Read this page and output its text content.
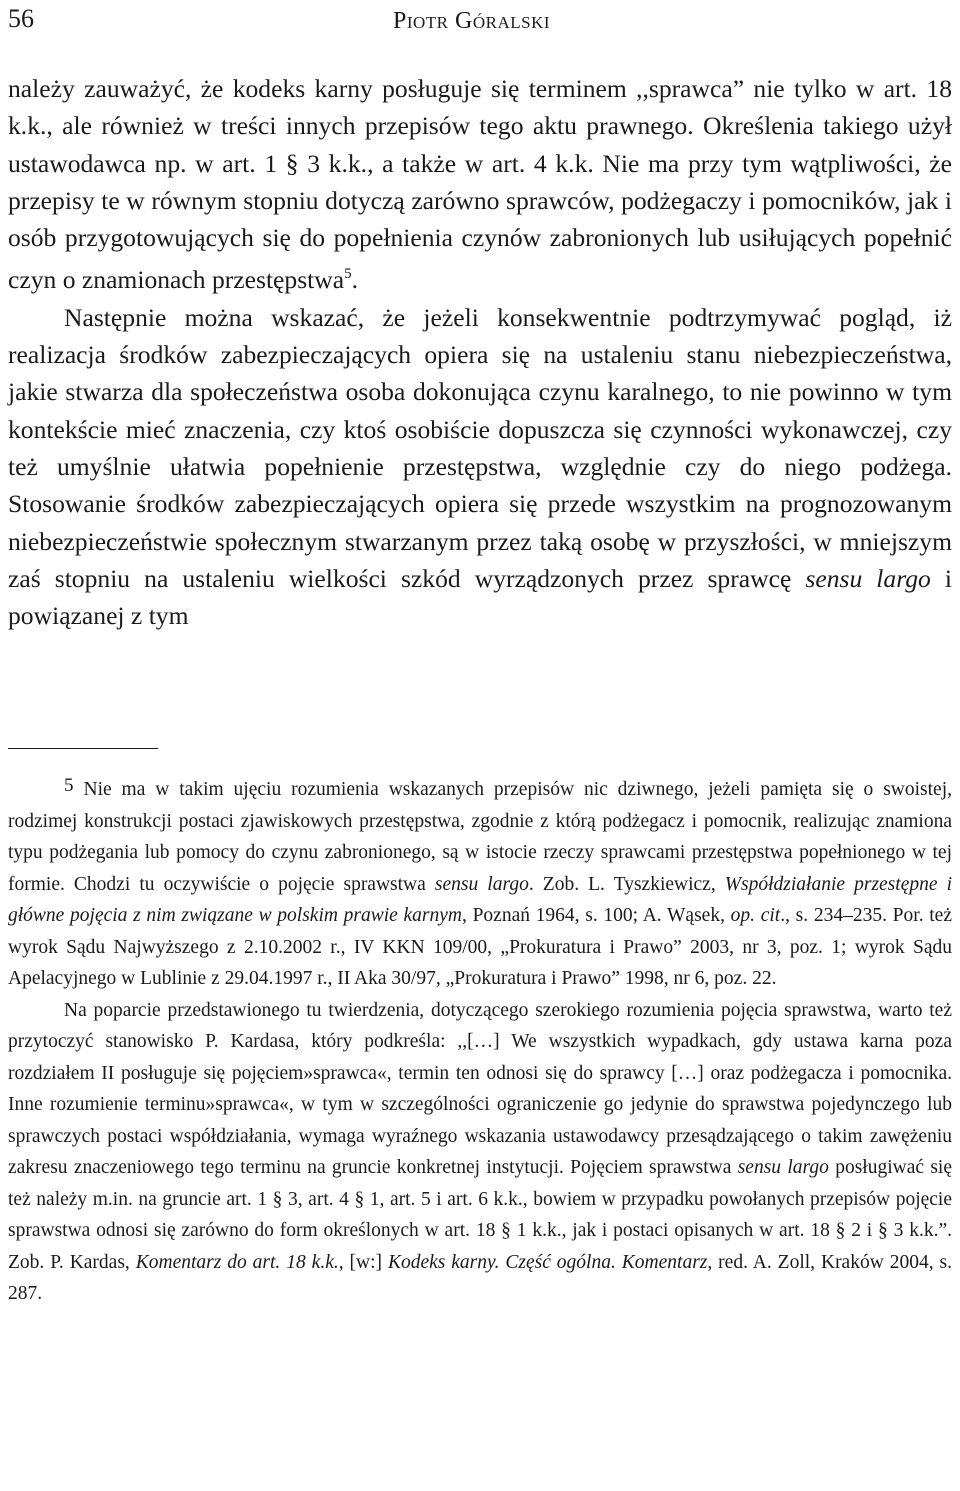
56	Piotr Góralski

należy zauważyć, że kodeks karny posługuje się terminem ,,sprawca” nie tylko w art. 18 k.k., ale również w treści innych przepisów tego aktu prawnego. Określenia takiego użył ustawodawca np. w art. 1 § 3 k.k., a także w art. 4 k.k. Nie ma przy tym wątpliwości, że przepisy te w równym stopniu dotyczą zarówno sprawców, podżegaczy i pomocników, jak i osób przygotowujących się do popełnienia czynów zabronionych lub usiłujących popełnić czyn o znamionach przestępstwa$^5$.

Następnie można wskazać, że jeżeli konsekwentnie podtrzymywać pogląd, iż realizacja środków zabezpieczających opiera się na ustaleniu stanu niebezpieczeństwa, jakie stwarza dla społeczeństwa osoba dokonująca czynu karalnego, to nie powinno w tym kontekście mieć znaczenia, czy ktoś osobiście dopuszcza się czynności wykonawczej, czy też umyślnie ułatwia popełnienie przestępstwa, względnie czy do niego podżega. Stosowanie środków zabezpieczających opiera się przede wszystkim na prognozowanym niebezpieczeństwie społecznym stwarzanym przez taką osobę w przyszłości, w mniejszym zaś stopniu na ustaleniu wielkości szkód wyrządzonych przez sprawcę sensu largo i powiązanej z tym

5 Nie ma w takim ujęciu rozumienia wskazanych przepisów nic dziwnego, jeżeli pamięta się o swoistej, rodzimej konstrukcji postaci zjawiskowych przestępstwa, zgodnie z którą podżegacz i pomocnik, realizując znamiona typu podżegania lub pomocy do czynu zabronionego, są w istocie rzeczy sprawcami przestępstwa popełnionego w tej formie. Chodzi tu oczywiście o pojęcie sprawstwa sensu largo. Zob. L. Tyszkiewicz, Współdziałanie przestępne i główne pojęcia z nim związane w polskim prawie karnym, Poznań 1964, s. 100; A. Wąsek, op. cit., s. 234–235. Por. też wyrok Sądu Najwyższego z 2.10.2002 r., IV KKN 109/00, „Prokuratura i Prawo” 2003, nr 3, poz. 1; wyrok Sądu Apelacyjnego w Lublinie z 29.04.1997 r., II Aka 30/97, „Prokuratura i Prawo” 1998, nr 6, poz. 22.

Na poparcie przedstawionego tu twierdzenia, dotyczącego szerokiego rozumienia pojęcia sprawstwa, warto też przytoczyć stanowisko P. Kardasa, który podkreśla: ,,[…] We wszystkich wypadkach, gdy ustawa karna poza rozdziałem II posługuje się pojęciem»sprawca«, termin ten odnosi się do sprawcy […] oraz podżegacza i pomocnika. Inne rozumienie terminu»sprawca«, w tym w szczególności ograniczenie go jedynie do sprawstwa pojedynczego lub sprawczych postaci współdziałania, wymaga wyraźnego wskazania ustawodawcy przesądzającego o takim zawężeniu zakresu znaczeniowego tego terminu na gruncie konkretnej instytucji. Pojęciem sprawstwa sensu largo posługiwać się też należy m.in. na gruncie art. 1 § 3, art. 4 § 1, art. 5 i art. 6 k.k., bowiem w przypadku powołanych przepisów pojęcie sprawstwa odnosi się zarówno do form określonych w art. 18 § 1 k.k., jak i postaci opisanych w art. 18 § 2 i § 3 k.k.”. Zob. P. Kardas, Komentarz do art. 18 k.k., [w:] Kodeks karny. Część ogólna. Komentarz, red. A. Zoll, Kraków 2004, s. 287.
